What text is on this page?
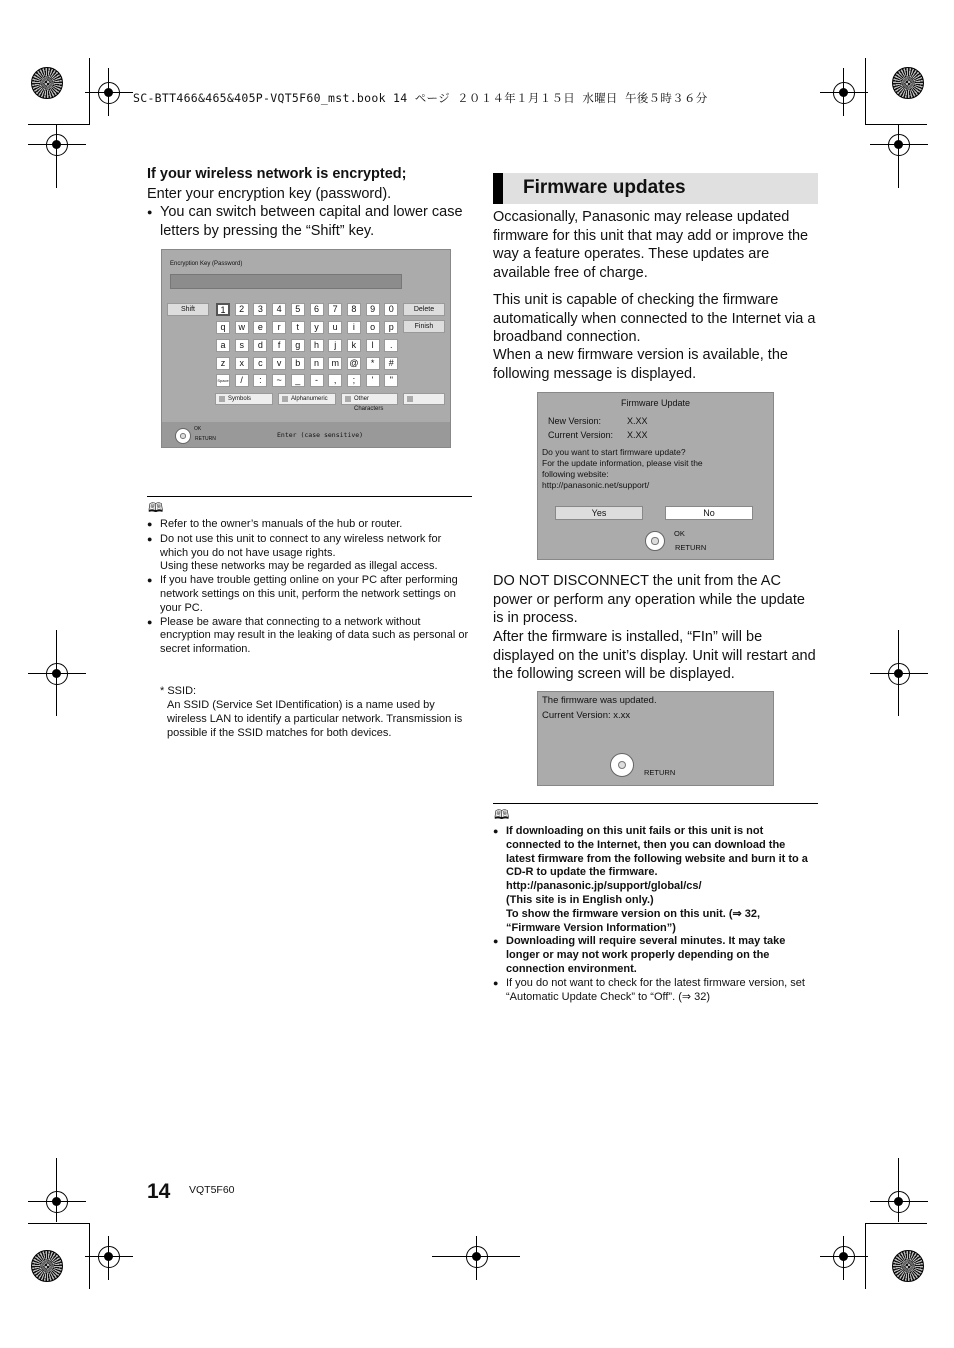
SC-BTT466&465&405P-VQT5F60_mst.book 14 ページ ２０１４年１月１５日 水曜日 午後５時３６分
If your wireless network is encrypted;
Enter your encryption key (password).
● You can switch between capital and lower case letters by pressing the “Shift” key.
Encryption Key (Password)
Shift	Delete
Finish
Space
1	2	3	4	5	6	7	8	9	0
q	w	e	r	t	y	u	i	o	p
a	s	d	f	g	h	j	k	l	.
z	x	c	v	b	n	m	@	*	#
/	:	~	_	-	,	;	'	"
Symbols	Alphanumeric	Other Characters
OK
RETURN	Enter (case sensitive)
🕮
● Refer to the owner’s manuals of the hub or router.
● Do not use this unit to connect to any wireless network for which you do not have usage rights.
Using these networks may be regarded as illegal access.
● If you have trouble getting online on your PC after performing network settings on this unit, perform the network settings on your PC.
● Please be aware that connecting to a network without encryption may result in the leaking of data such as personal or secret information.
* SSID:
An SSID (Service Set IDentification) is a name used by wireless LAN to identify a particular network. Transmission is possible if the SSID matches for both devices.
Firmware updates
Occasionally, Panasonic may release updated firmware for this unit that may add or improve the way a feature operates. These updates are available free of charge.
This unit is capable of checking the firmware automatically when connected to the Internet via a broadband connection.
When a new firmware version is available, the following message is displayed.
Firmware Update
New Version:	X.XX
Current Version: X.XX
Do you want to start firmware update?
For the update information, please visit the
following website:
http://panasonic.net/support/
Yes	No
OK
RETURN
DO NOT DISCONNECT the unit from the AC power or perform any operation while the update is in process.
After the firmware is installed, “FIn” will be displayed on the unit’s display. Unit will restart and the following screen will be displayed.
The firmware was updated.
Current Version: x.xx
RETURN
🕮
● If downloading on this unit fails or this unit is not connected to the Internet, then you can download the latest firmware from the following website and burn it to a CD-R to update the firmware.
http://panasonic.jp/support/global/cs/
(This site is in English only.)
To show the firmware version on this unit. (⇒ 32, “Firmware Version Information”)
● Downloading will require several minutes. It may take longer or may not work properly depending on the connection environment.
● If you do not want to check for the latest firmware version, set “Automatic Update Check” to “Off”. (⇒ 32)
14 VQT5F60
